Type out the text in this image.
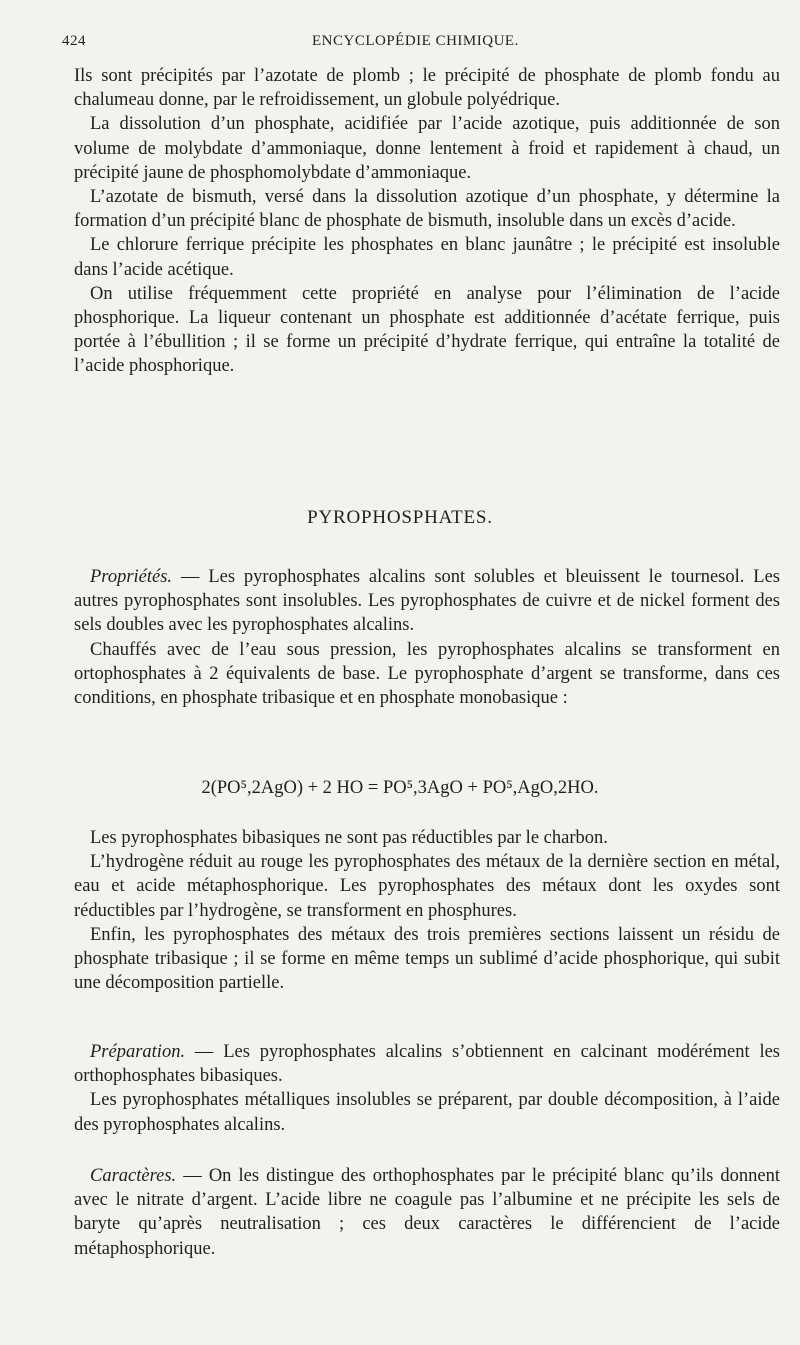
424	ENCYCLOPÉDIE CHIMIQUE.

Ils sont précipités par l’azotate de plomb ; le précipité de phosphate de plomb fondu au chalumeau donne, par le refroidissement, un globule polyédrique.

La dissolution d’un phosphate, acidifiée par l’acide azotique, puis additionnée de son volume de molybdate d’ammoniaque, donne lentement à froid et rapidement à chaud, un précipité jaune de phosphomolybdate d’ammoniaque.

L’azotate de bismuth, versé dans la dissolution azotique d’un phosphate, y détermine la formation d’un précipité blanc de phosphate de bismuth, insoluble dans un excès d’acide.

Le chlorure ferrique précipite les phosphates en blanc jaunâtre ; le précipité est insoluble dans l’acide acétique.

On utilise fréquemment cette propriété en analyse pour l’élimination de l’acide phosphorique. La liqueur contenant un phosphate est additionnée d’acétate ferrique, puis portée à l’ébullition ; il se forme un précipité d’hydrate ferrique, qui entraîne la totalité de l’acide phosphorique.

PYROPHOSPHATES.

Propriétés. — Les pyrophosphates alcalins sont solubles et bleuissent le tournesol. Les autres pyrophosphates sont insolubles. Les pyrophosphates de cuivre et de nickel forment des sels doubles avec les pyrophosphates alcalins.

Chauffés avec de l’eau sous pression, les pyrophosphates alcalins se transforment en ortophosphates à 2 équivalents de base. Le pyrophosphate d’argent se transforme, dans ces conditions, en phosphate tribasique et en phosphate monobasique :

2(PO⁵,2AgO) + 2 HO = PO⁵,3AgO + PO⁵,AgO,2HO.

Les pyrophosphates bibasiques ne sont pas réductibles par le charbon.

L’hydrogène réduit au rouge les pyrophosphates des métaux de la dernière section en métal, eau et acide métaphosphorique. Les pyrophosphates des métaux dont les oxydes sont réductibles par l’hydrogène, se transforment en phosphures.

Enfin, les pyrophosphates des métaux des trois premières sections laissent un résidu de phosphate tribasique ; il se forme en même temps un sublimé d’acide phosphorique, qui subit une décomposition partielle.

Préparation. — Les pyrophosphates alcalins s’obtiennent en calcinant modérément les orthophosphates bibasiques.

Les pyrophosphates métalliques insolubles se préparent, par double décomposition, à l’aide des pyrophosphates alcalins.

Caractères. — On les distingue des orthophosphates par le précipité blanc qu’ils donnent avec le nitrate d’argent. L’acide libre ne coagule pas l’albumine et ne précipite les sels de baryte qu’après neutralisation ; ces deux caractères le différencient de l’acide métaphosphorique.
